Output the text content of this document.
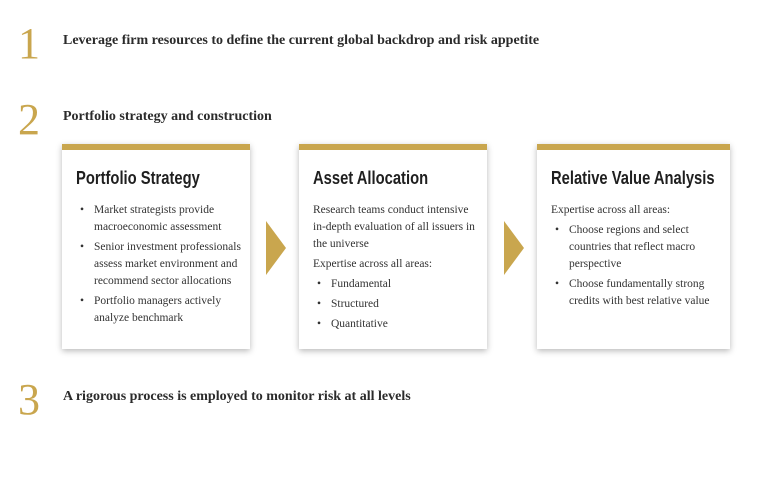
1 Leverage firm resources to define the current global backdrop and risk appetite
2 Portfolio strategy and construction
Portfolio Strategy
• Market strategists provide macroeconomic assessment
• Senior investment professionals assess market environment and recommend sector allocations
• Portfolio managers actively analyze benchmark
Asset Allocation

Research teams conduct intensive in-depth evaluation of all issuers in the universe

Expertise across all areas:

• Fundamental
• Structured
• Quantitative
Relative Value Analysis

Expertise across all areas:

• Choose regions and select countries that reflect macro perspective
• Choose fundamentally strong credits with best relative value
3 A rigorous process is employed to monitor risk at all levels
